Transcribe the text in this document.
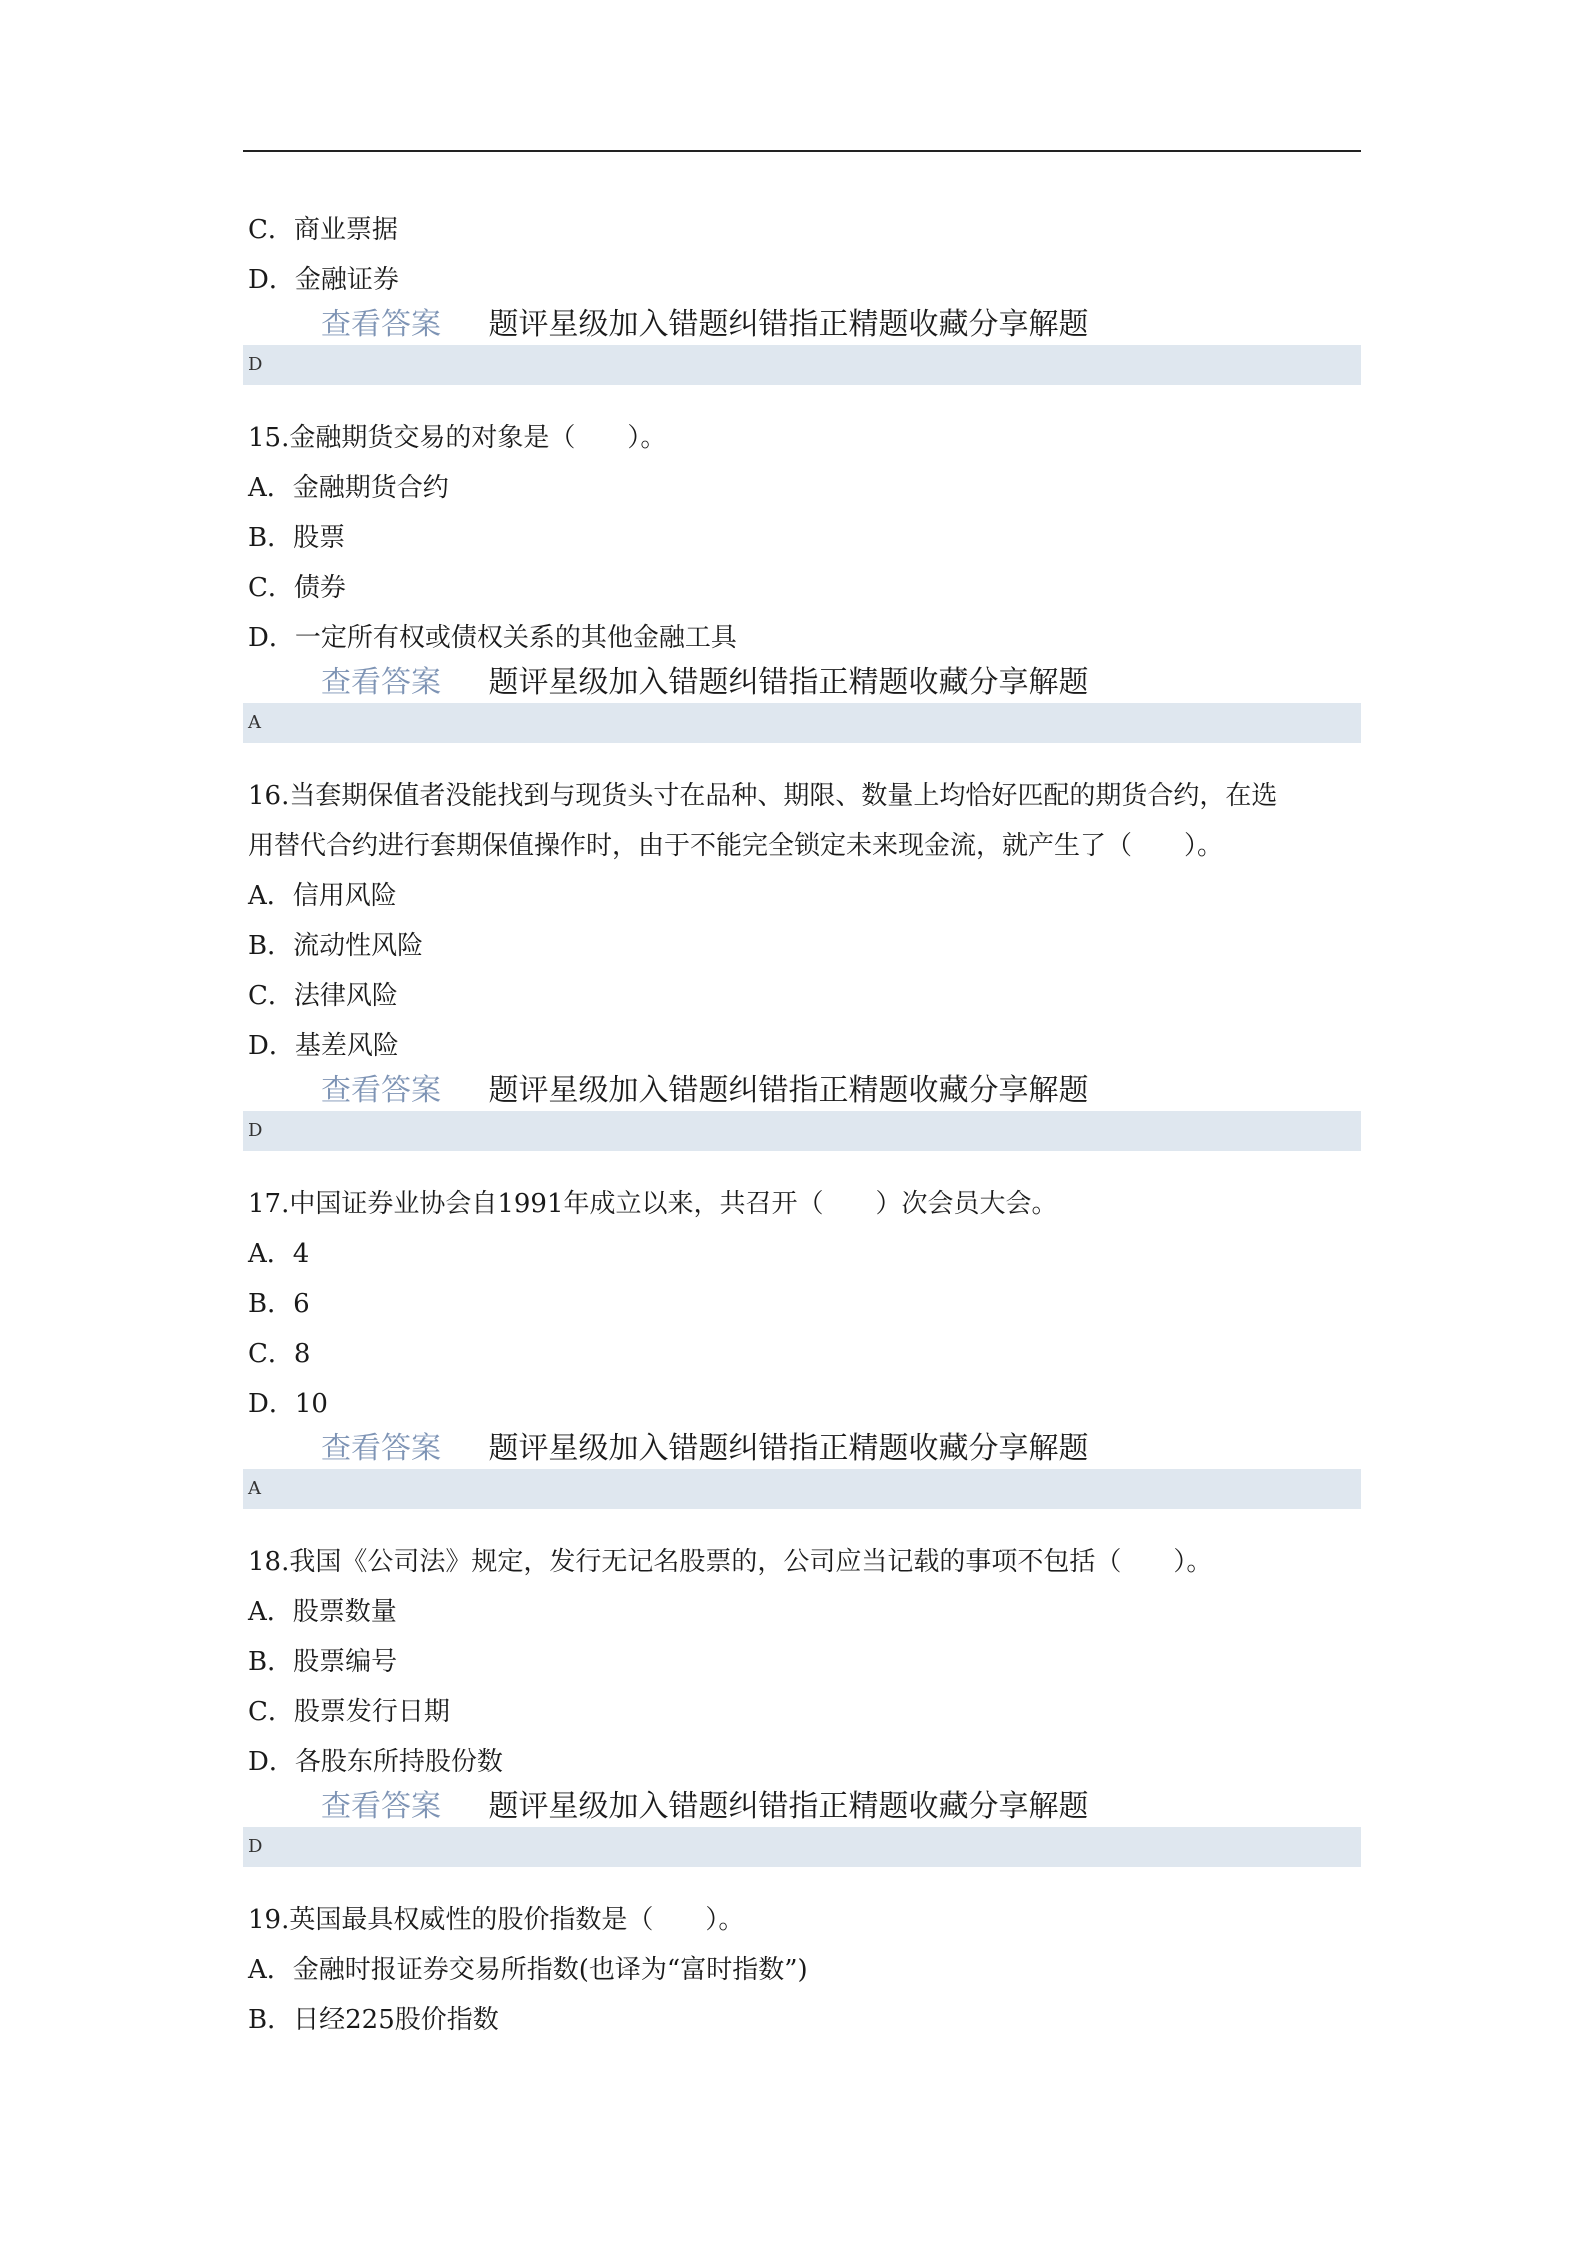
C．商业票据
D．金融证券
查看答案 题评星级加入错题纠错指正精题收藏分享解题
D
15.金融期货交易的对象是（　　）。
A．金融期货合约
B．股票
C．债券
D．一定所有权或债权关系的其他金融工具
查看答案 题评星级加入错题纠错指正精题收藏分享解题
A
16.当套期保值者没能找到与现货头寸在品种、期限、数量上均恰好匹配的期货合约，在选
用替代合约进行套期保值操作时，由于不能完全锁定未来现金流，就产生了（　　）。
A．信用风险
B．流动性风险
C．法律风险
D．基差风险
查看答案 题评星级加入错题纠错指正精题收藏分享解题
D
17.中国证券业协会自1991年成立以来，共召开（　　）次会员大会。
A．4
B．6
C．8
D．10
查看答案 题评星级加入错题纠错指正精题收藏分享解题
A
18.我国《公司法》规定，发行无记名股票的，公司应当记载的事项不包括（　　）。
A．股票数量
B．股票编号
C．股票发行日期
D．各股东所持股份数
查看答案 题评星级加入错题纠错指正精题收藏分享解题
D
19.英国最具权威性的股价指数是（　　）。
A．金融时报证券交易所指数(也译为“富时指数”)
B．日经225股价指数
